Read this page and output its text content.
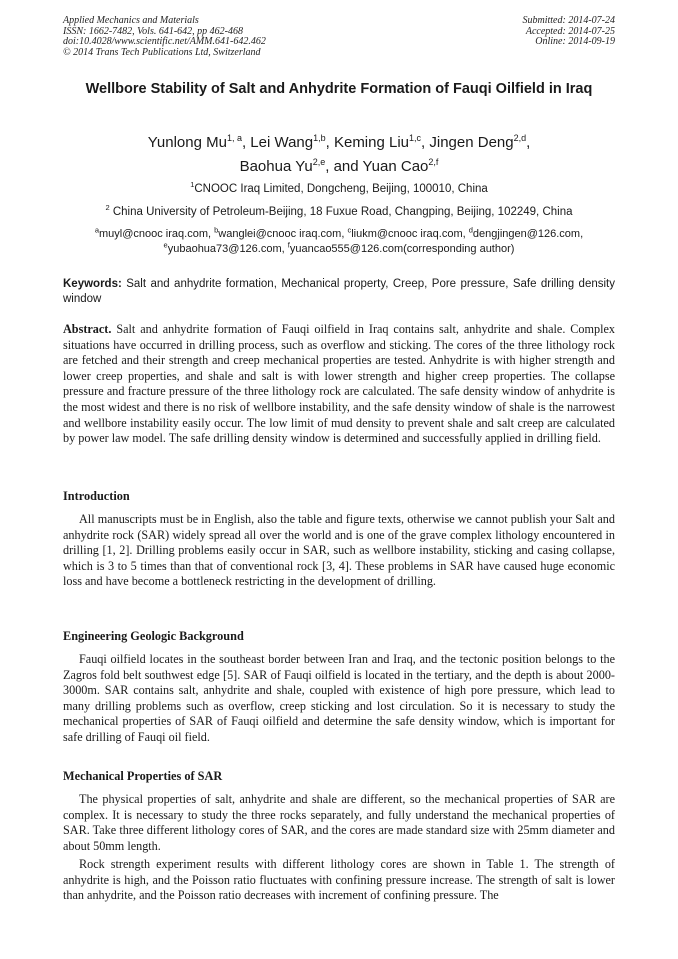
Applied Mechanics and Materials
ISSN: 1662-7482, Vols. 641-642, pp 462-468
doi:10.4028/www.scientific.net/AMM.641-642.462
© 2014 Trans Tech Publications Ltd, Switzerland
Submitted: 2014-07-24
Accepted: 2014-07-25
Online: 2014-09-19
Wellbore Stability of Salt and Anhydrite Formation of Fauqi Oilfield in Iraq
Yunlong Mu$^{1, a}$, Lei Wang$^{1,b}$, Keming Liu$^{1,c}$, Jingen Deng$^{2,d}$,
Baohua Yu$^{2,e}$, and Yuan Cao$^{2,f}$
$^1$CNOOC Iraq Limited, Dongcheng, Beijing, 100010, China
$^2$ China University of Petroleum-Beijing, 18 Fuxue Road, Changping, Beijing, 102249, China
$^a$muyl@cnooc iraq.com, $^b$wanglei@cnooc iraq.com, $^c$liukm@cnooc iraq.com, $^d$dengjingen@126.com,
$^e$yubaohua73@126.com, $^f$yuancao555@126.com(corresponding author)
Keywords: Salt and anhydrite formation, Mechanical property, Creep, Pore pressure, Safe drilling density window
Abstract. Salt and anhydrite formation of Fauqi oilfield in Iraq contains salt, anhydrite and shale. Complex situations have occurred in drilling process, such as overflow and sticking. The cores of the three lithology rock are fetched and their strength and creep mechanical properties are tested. Anhydrite is with higher strength and lower creep properties, and shale and salt is with lower strength and higher creep properties. The collapse pressure and fracture pressure of the three lithology rock are calculated. The safe density window of anhydrite is the most widest and there is no risk of wellbore instability, and the safe density window of shale is the narrowest and wellbore instability easily occur. The low limit of mud density to prevent shale and salt creep are calculated by power law model. The safe drilling density window is determined and successfully applied in drilling field.
Introduction
All manuscripts must be in English, also the table and figure texts, otherwise we cannot publish your Salt and anhydrite rock (SAR) widely spread all over the world and is one of the grave complex lithology encountered in drilling [1, 2]. Drilling problems easily occur in SAR, such as wellbore instability, sticking and casing collapse, which is 3 to 5 times than that of conventional rock [3, 4]. These problems in SAR have caused huge economic loss and have become a bottleneck restricting in the development of drilling.
Engineering Geologic Background
Fauqi oilfield locates in the southeast border between Iran and Iraq, and the tectonic position belongs to the Zagros fold belt southwest edge [5]. SAR of Fauqi oilfield is located in the tertiary, and the depth is about 2000-3000m. SAR contains salt, anhydrite and shale, coupled with existence of high pore pressure, which lead to many drilling problems such as overflow, creep sticking and lost circulation. So it is necessary to study the mechanical properties of SAR of Fauqi oilfield and determine the safe density window, which is important for safe drilling of Fauqi oil field.
Mechanical Properties of SAR
The physical properties of salt, anhydrite and shale are different, so the mechanical properties of SAR are complex. It is necessary to study the three rocks separately, and fully understand the mechanical properties of SAR. Take three different lithology cores of SAR, and the cores are made standard size with 25mm diameter and about 50mm length.
Rock strength experiment results with different lithology cores are shown in Table 1. The strength of anhydrite is high, and the Poisson ratio fluctuates with confining pressure increase. The strength of salt is lower than anhydrite, and the Poisson ratio decreases with increment of confining pressure. The
